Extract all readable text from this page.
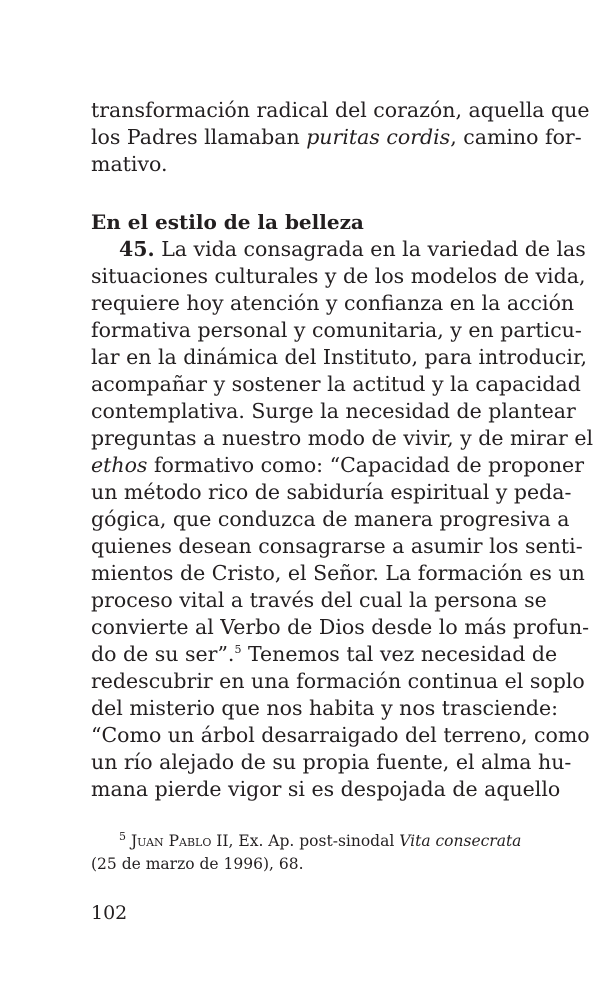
transformación radical del corazón, aquella que
los Padres llamaban puritas cordis, camino for-
mativo.
En el estilo de la belleza
45. La vida consagrada en la variedad de las
situaciones culturales y de los modelos de vida,
requiere hoy atención y confianza en la acción
formativa personal y comunitaria, y en particu-
lar en la dinámica del Instituto, para introducir,
acompañar y sostener la actitud y la capacidad
contemplativa. Surge la necesidad de plantear
preguntas a nuestro modo de vivir, y de mirar el
ethos formativo como: “Capacidad de proponer
un método rico de sabiduría espiritual y peda-
gógica, que conduzca de manera progresiva a
quienes desean consagrarse a asumir los senti-
mientos de Cristo, el Señor. La formación es un
proceso vital a través del cual la persona se
convierte al Verbo de Dios desde lo más profun-
do de su ser”.$^5$ Tenemos tal vez necesidad de
redescubrir en una formación continua el soplo
del misterio que nos habita y nos trasciende:
“Como un árbol desarraigado del terreno, como
un río alejado de su propia fuente, el alma hu-
mana pierde vigor si es despojada de aquello
$^5$ Juan Pablo II, Ex. Ap. post-sinodal Vita consecrata
(25 de marzo de 1996), 68.
102
